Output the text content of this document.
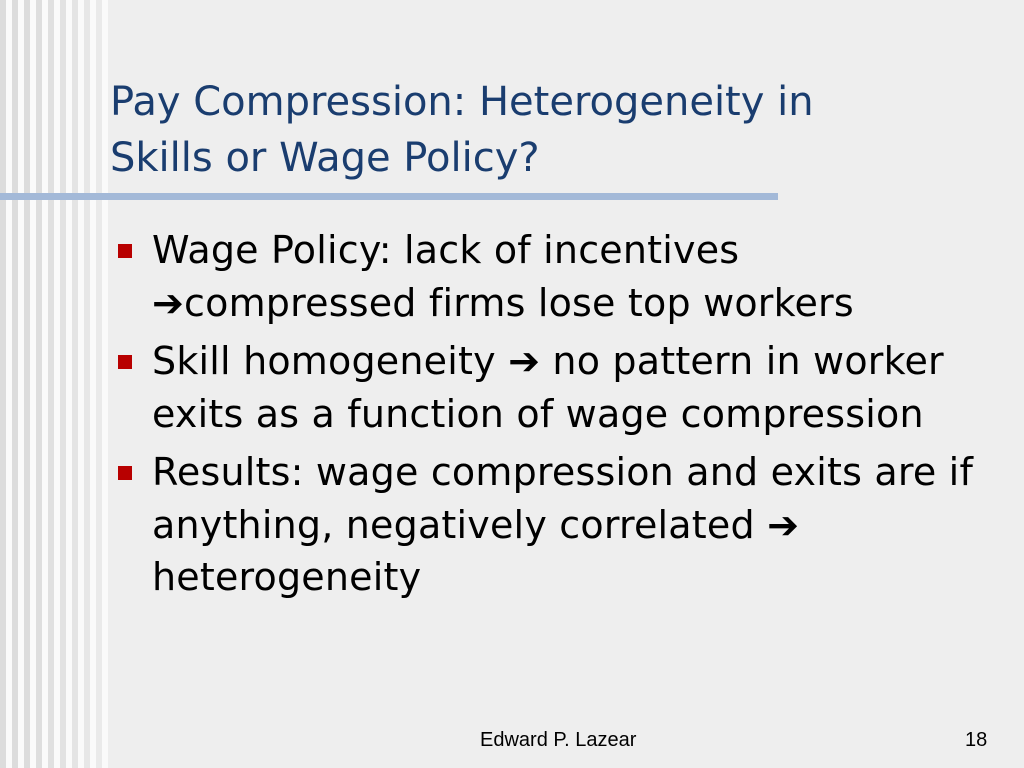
Pay Compression: Heterogeneity in
Skills or Wage Policy?
Wage Policy: lack of incentives
➔compressed firms lose top workers
Skill homogeneity ➔ no pattern in worker exits as a function of wage compression
Results: wage compression and exits are if anything, negatively correlated ➔ heterogeneity
Edward P. Lazear	18
